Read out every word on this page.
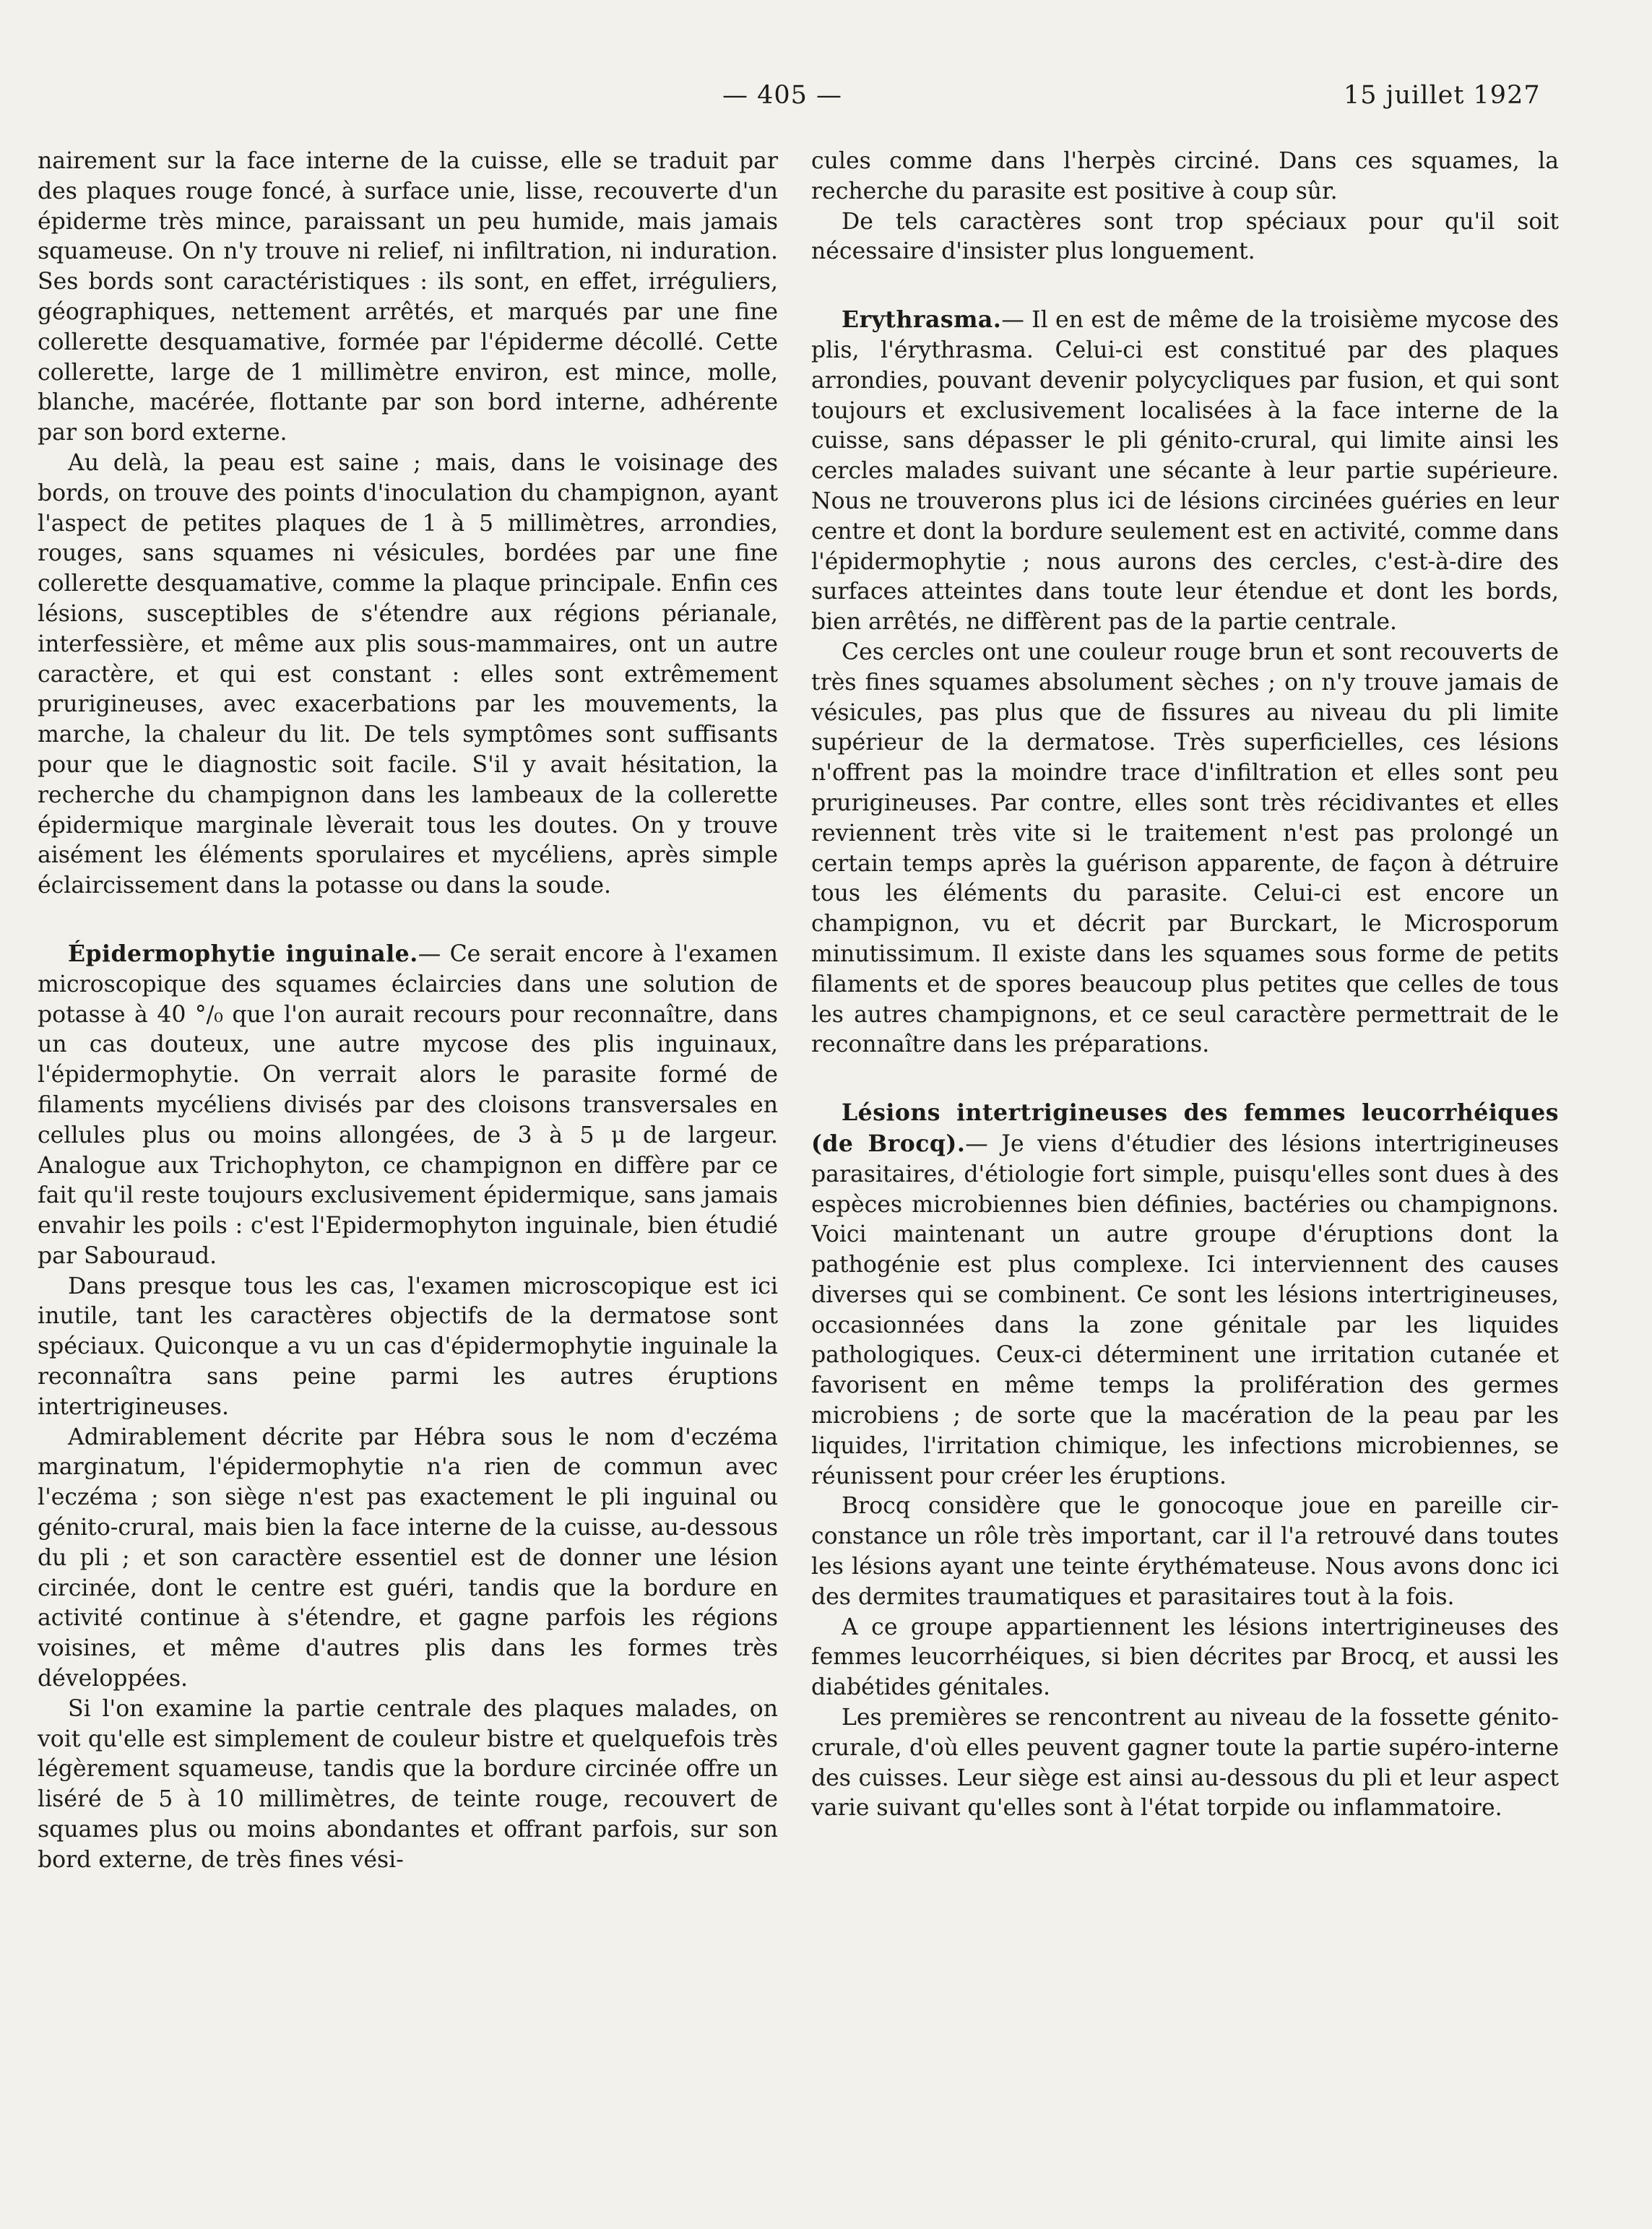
— 405 —	15 juillet 1927

nairement sur la face interne de la cuisse, elle se traduit par des plaques rouge foncé, à surface unie, lisse, recouverte d'un épiderme très mince, paraissant un peu humide, mais jamais squameuse. On n'y trouve ni relief, ni infiltration, ni induration. Ses bords sont caractéristiques : ils sont, en effet, irréguliers, géographiques, nettement arrêtés, et marqués par une fine collerette desquamative, formée par l'épiderme décollé. Cette collerette, large de 1 millimètre environ, est mince, molle, blanche, macérée, flottante par son bord interne, adhérente par son bord externe.

Au delà, la peau est saine ; mais, dans le voisinage des bords, on trouve des points d'inoculation du champignon, ayant l'aspect de petites plaques de 1 à 5 millimètres, arrondies, rouges, sans squames ni vésicules, bordées par une fine collerette desquamative, comme la plaque principale. Enfin ces lésions, susceptibles de s'étendre aux régions périanale, interfessière, et même aux plis sous-mammaires, ont un autre caractère, et qui est constant : elles sont extrêmement prurigineuses, avec exacerbations par les mouvements, la marche, la chaleur du lit. De tels symptômes sont suffisants pour que le diagnostic soit facile. S'il y avait hésitation, la recherche du champignon dans les lambeaux de la collerette épidermique marginale lèverait tous les doutes. On y trouve aisément les éléments sporulaires et mycéliens, après simple éclaircissement dans la potasse ou dans la soude.

Épidermophytie inguinale.— Ce serait encore à l'examen microscopique des squames éclaircies dans une solution de potasse à 40 °/₀ que l'on aurait recours pour reconnaître, dans un cas douteux, une autre mycose des plis inguinaux, l'épidermophytie. On verrait alors le parasite formé de filaments mycéliens divisés par des cloisons transversales en cellules plus ou moins allongées, de 3 à 5 μ de largeur. Analogue aux Trichophyton, ce champignon en diffère par ce fait qu'il reste toujours exclusivement épidermique, sans jamais envahir les poils : c'est l'Epidermophyton inguinale, bien étudié par Sabouraud.

Dans presque tous les cas, l'examen microscopique est ici inutile, tant les caractères objectifs de la dermatose sont spéciaux. Quiconque a vu un cas d'épidermophytie inguinale la reconnaîtra sans peine parmi les autres éruptions intertrigineuses.

Admirablement décrite par Hébra sous le nom d'eczéma marginatum, l'épidermophytie n'a rien de commun avec l'eczéma ; son siège n'est pas exactement le pli inguinal ou génito-crural, mais bien la face interne de la cuisse, au-dessous du pli ; et son caractère essentiel est de donner une lésion circinée, dont le centre est guéri, tandis que la bordure en activité continue à s'étendre, et gagne parfois les régions voisines, et même d'autres plis dans les formes très développées.

Si l'on examine la partie centrale des plaques malades, on voit qu'elle est simplement de couleur bistre et quelquefois très légèrement squameuse, tandis que la bordure circinée offre un liséré de 5 à 10 millimètres, de teinte rouge, recouvert de squames plus ou moins abondantes et offrant parfois, sur son bord externe, de très fines vési-

cules comme dans l'herpès circiné. Dans ces squames, la recherche du parasite est positive à coup sûr.

De tels caractères sont trop spéciaux pour qu'il soit nécessaire d'insister plus longuement.

Erythrasma.— Il en est de même de la troisième mycose des plis, l'érythrasma. Celui-ci est constitué par des plaques arrondies, pouvant devenir polycycliques par fusion, et qui sont toujours et exclusivement localisées à la face interne de la cuisse, sans dépasser le pli génito-crural, qui limite ainsi les cercles malades suivant une sécante à leur partie supérieure. Nous ne trouverons plus ici de lésions circinées guéries en leur centre et dont la bordure seulement est en activité, comme dans l'épidermophytie ; nous aurons des cercles, c'est-à-dire des surfaces atteintes dans toute leur étendue et dont les bords, bien arrêtés, ne diffèrent pas de la partie centrale.

Ces cercles ont une couleur rouge brun et sont recouverts de très fines squames absolument sèches ; on n'y trouve jamais de vésicules, pas plus que de fissures au niveau du pli limite supérieur de la dermatose. Très superficielles, ces lésions n'offrent pas la moindre trace d'infiltration et elles sont peu prurigineuses. Par contre, elles sont très récidivantes et elles reviennent très vite si le traitement n'est pas prolongé un certain temps après la guérison apparente, de façon à détruire tous les éléments du parasite. Celui-ci est encore un champignon, vu et décrit par Burckart, le Microsporum minutissimum. Il existe dans les squames sous forme de petits filaments et de spores beaucoup plus petites que celles de tous les autres champignons, et ce seul caractère permettrait de le reconnaître dans les préparations.

Lésions intertrigineuses des femmes leucorrhéiques (de Brocq).— Je viens d'étudier des lésions intertrigineuses parasitaires, d'étiologie fort simple, puisqu'elles sont dues à des espèces microbiennes bien définies, bactéries ou champignons. Voici maintenant un autre groupe d'éruptions dont la pathogénie est plus complexe. Ici interviennent des causes diverses qui se combinent. Ce sont les lésions intertrigineuses, occasionnées dans la zone génitale par les liquides pathologiques. Ceux-ci déterminent une irritation cutanée et favorisent en même temps la prolifération des germes microbiens ; de sorte que la macération de la peau par les liquides, l'irritation chimique, les infections microbiennes, se réunissent pour créer les éruptions.

Brocq considère que le gonocoque joue en pareille circonstance un rôle très important, car il l'a retrouvé dans toutes les lésions ayant une teinte érythémateuse. Nous avons donc ici des dermites traumatiques et parasitaires tout à la fois.

A ce groupe appartiennent les lésions intertrigineuses des femmes leucorrhéiques, si bien décrites par Brocq, et aussi les diabétides génitales.

Les premières se rencontrent au niveau de la fossette génito-crurale, d'où elles peuvent gagner toute la partie supéro-interne des cuisses. Leur siège est ainsi au-dessous du pli et leur aspect varie suivant qu'elles sont à l'état torpide ou inflammatoire.
